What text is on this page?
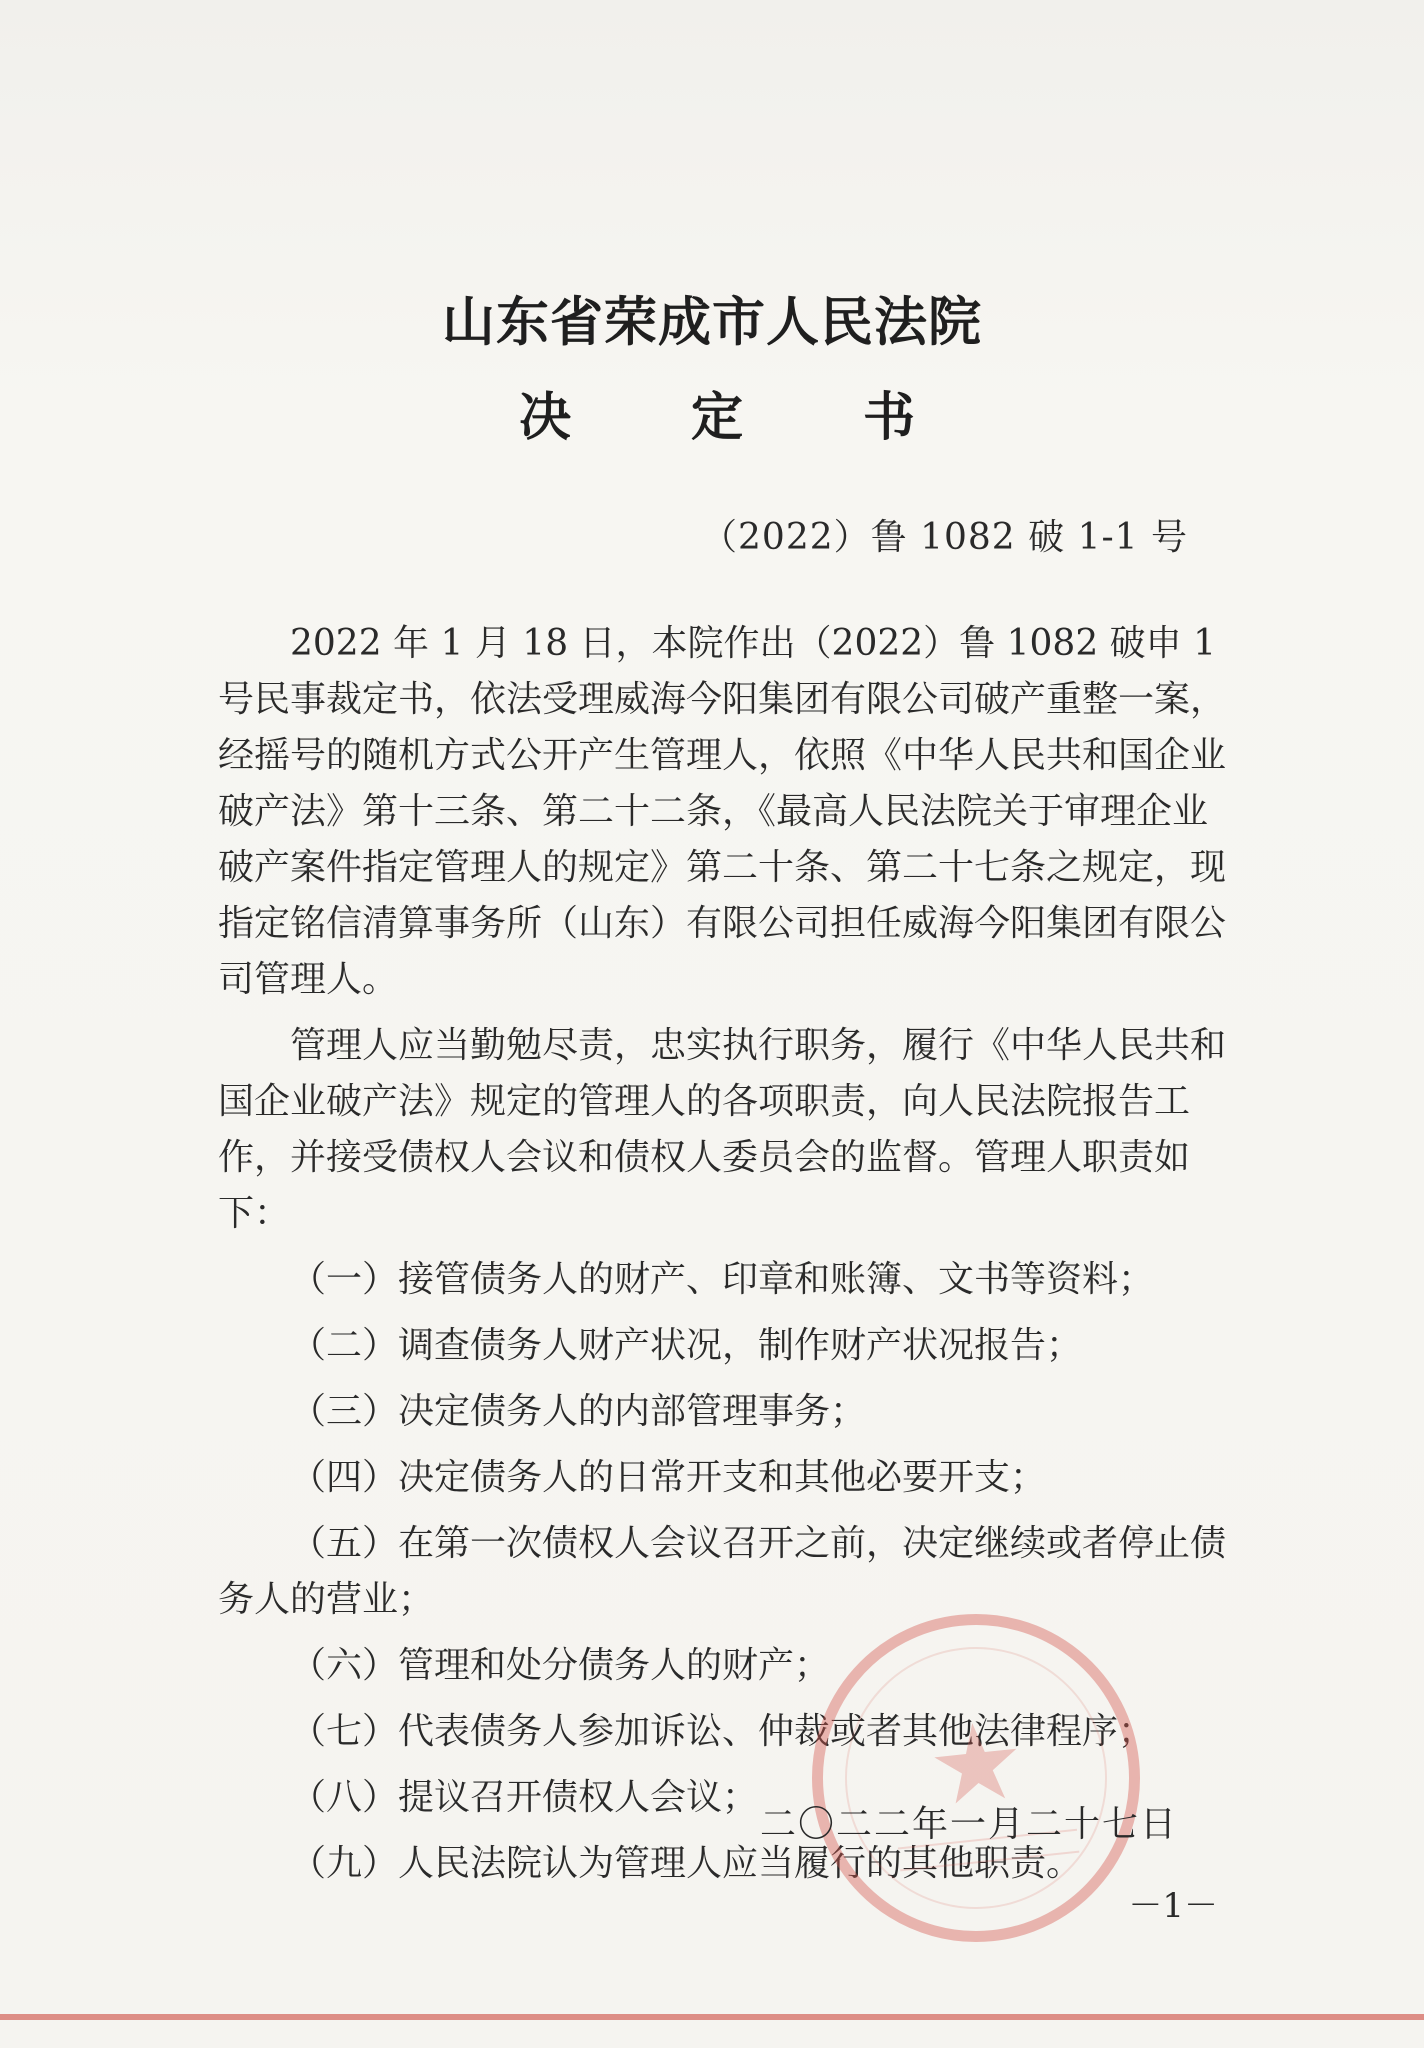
山东省荣成市人民法院
决　定　书
（2022）鲁 1082 破 1-1 号

2022 年 1 月 18 日，本院作出（2022）鲁 1082 破申 1 号民事裁定书，依法受理威海今阳集团有限公司破产重整一案，经摇号的随机方式公开产生管理人，依照《中华人民共和国企业破产法》第十三条、第二十二条，《最高人民法院关于审理企业破产案件指定管理人的规定》第二十条、第二十七条之规定，现指定铭信清算事务所（山东）有限公司担任威海今阳集团有限公司管理人。

管理人应当勤勉尽责，忠实执行职务，履行《中华人民共和国企业破产法》规定的管理人的各项职责，向人民法院报告工作，并接受债权人会议和债权人委员会的监督。管理人职责如下：

（一）接管债务人的财产、印章和账簿、文书等资料；

（二）调查债务人财产状况，制作财产状况报告；

（三）决定债务人的内部管理事务；

（四）决定债务人的日常开支和其他必要开支；

（五）在第一次债权人会议召开之前，决定继续或者停止债务人的营业；

（六）管理和处分债务人的财产；

（七）代表债务人参加诉讼、仲裁或者其他法律程序；

（八）提议召开债权人会议；

（九）人民法院认为管理人应当履行的其他职责。

二〇二二年一月二十七日
－1－
